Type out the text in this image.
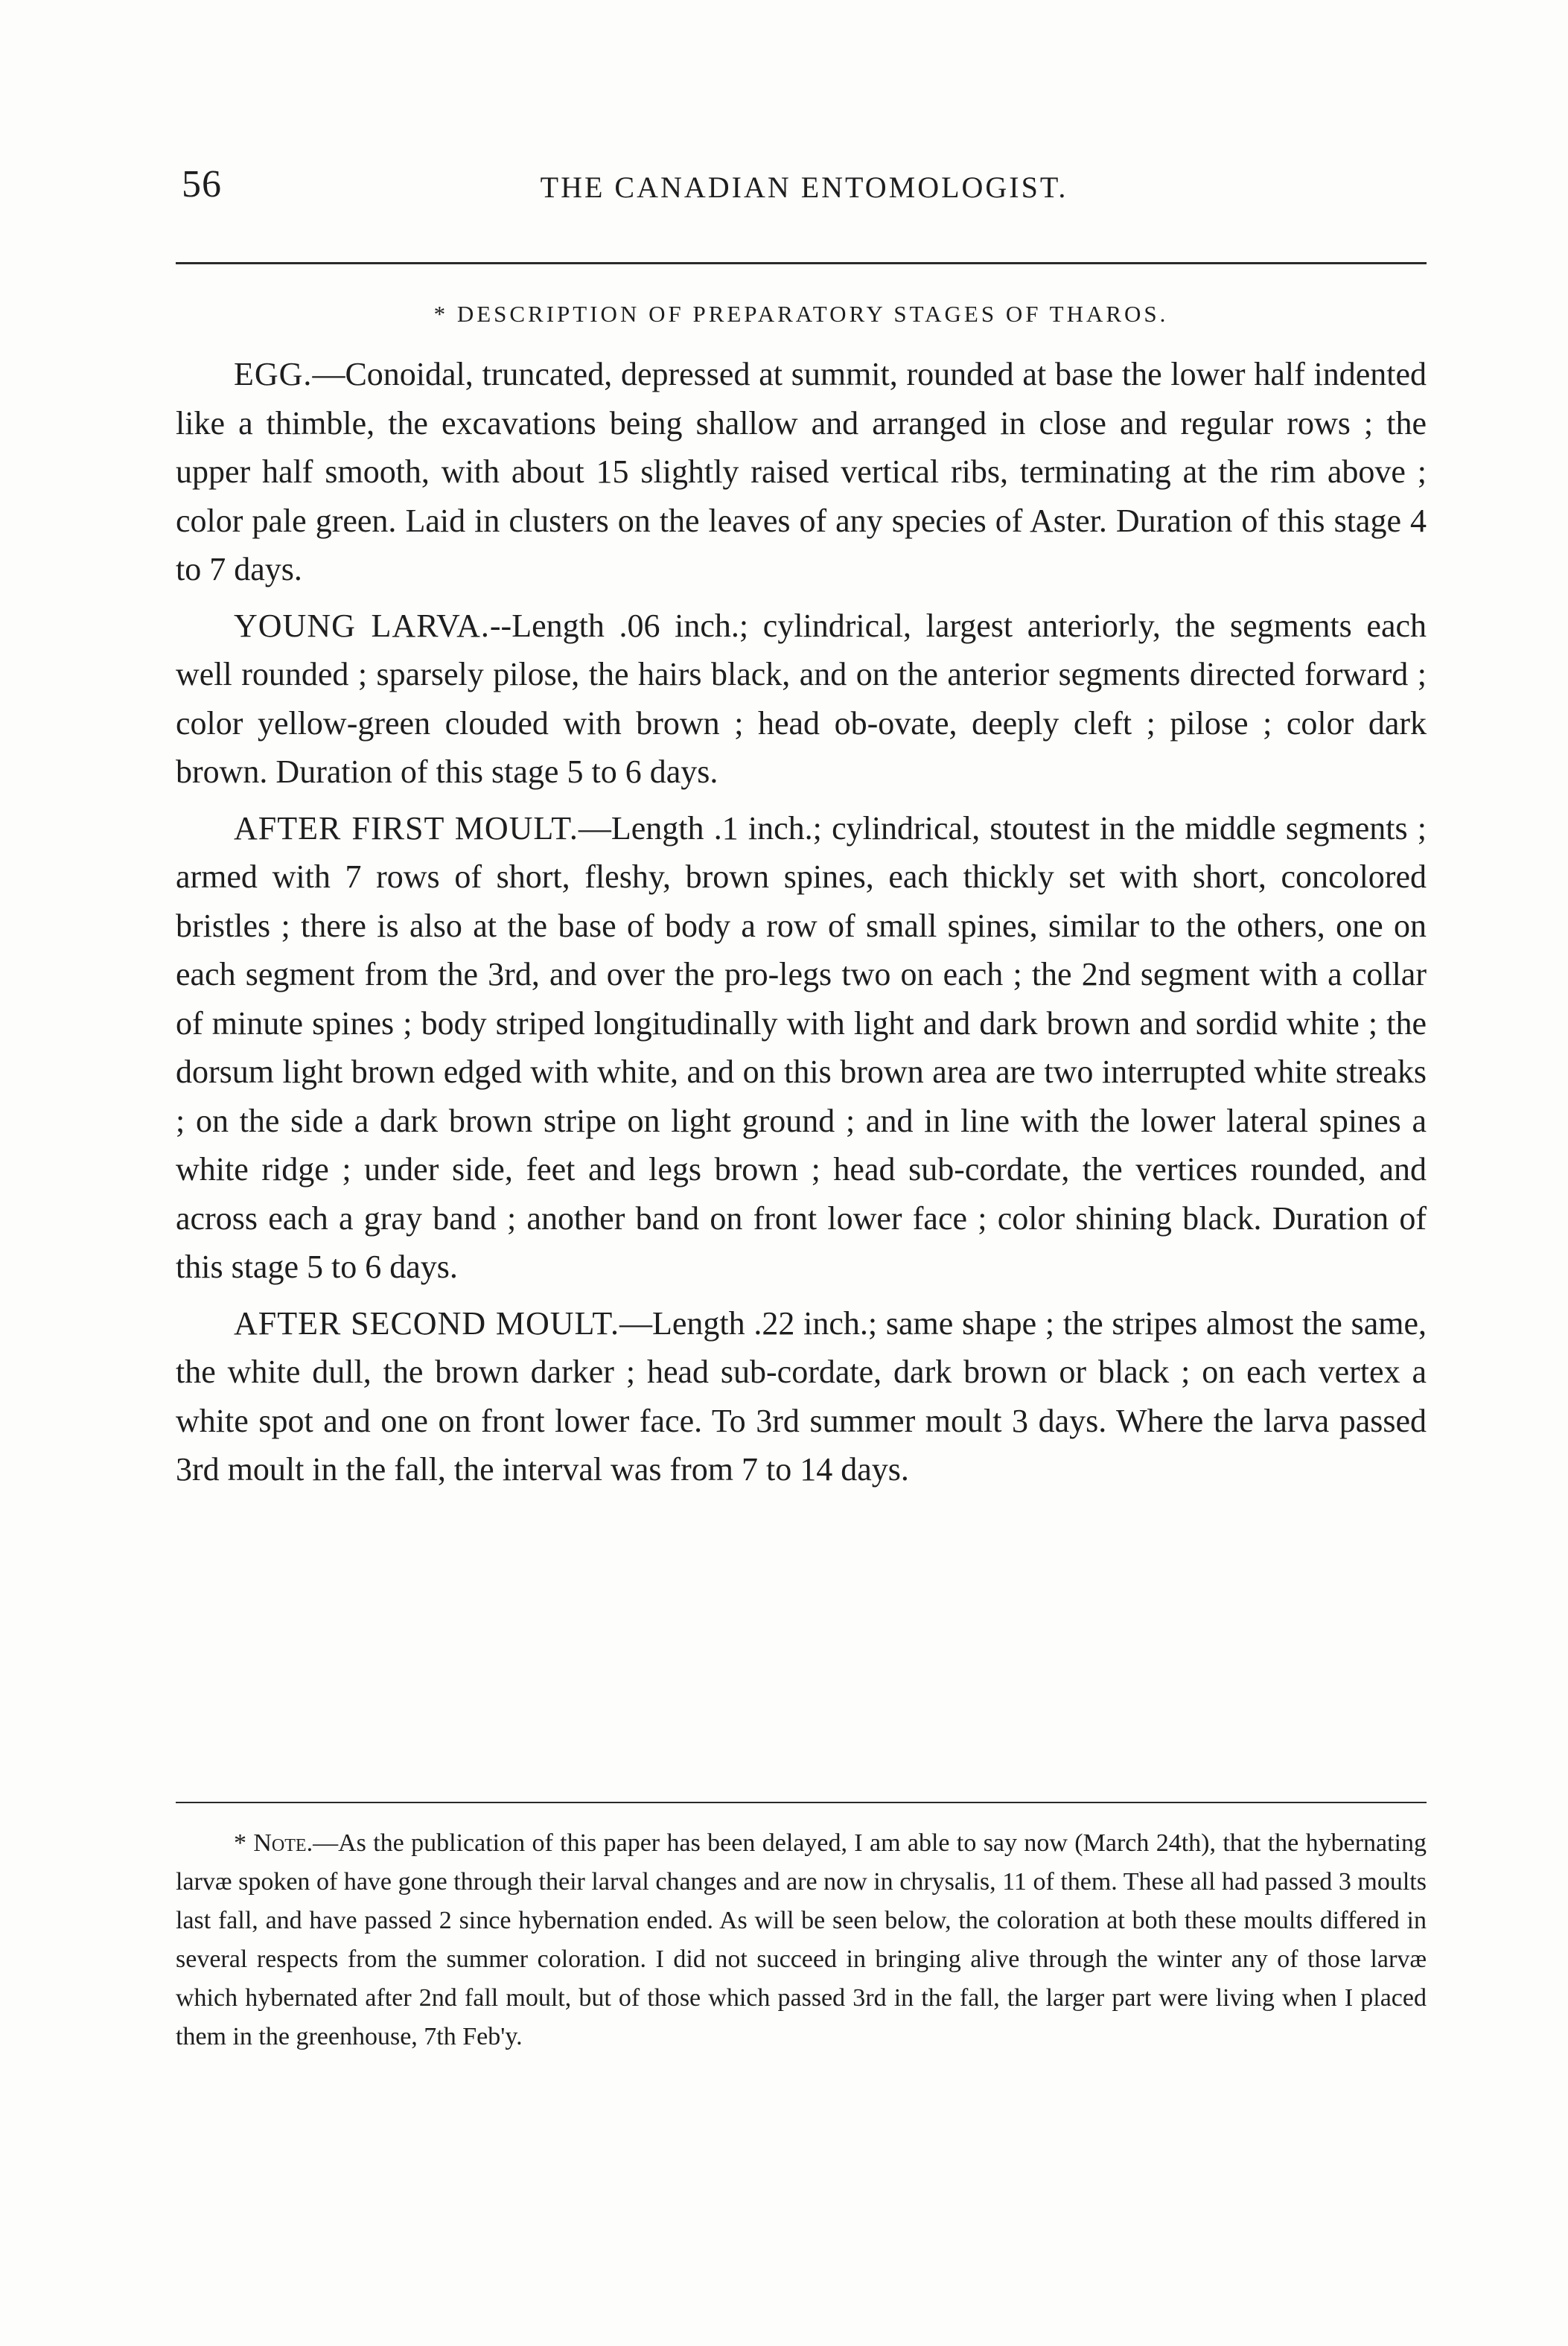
56	THE CANADIAN ENTOMOLOGIST.
* DESCRIPTION OF PREPARATORY STAGES OF THAROS.

EGG.—Conoidal, truncated, depressed at summit, rounded at base the lower half indented like a thimble, the excavations being shallow and arranged in close and regular rows ; the upper half smooth, with about 15 slightly raised vertical ribs, terminating at the rim above ; color pale green. Laid in clusters on the leaves of any species of Aster. Duration of this stage 4 to 7 days.

YOUNG LARVA.--Length .06 inch.; cylindrical, largest anteriorly, the segments each well rounded ; sparsely pilose, the hairs black, and on the anterior segments directed forward ; color yellow-green clouded with brown ; head ob-ovate, deeply cleft ; pilose ; color dark brown. Duration of this stage 5 to 6 days.

AFTER FIRST MOULT.—Length .1 inch.; cylindrical, stoutest in the middle segments ; armed with 7 rows of short, fleshy, brown spines, each thickly set with short, concolored bristles ; there is also at the base of body a row of small spines, similar to the others, one on each segment from the 3rd, and over the pro-legs two on each ; the 2nd segment with a collar of minute spines ; body striped longitudinally with light and dark brown and sordid white ; the dorsum light brown edged with white, and on this brown area are two interrupted white streaks ; on the side a dark brown stripe on light ground ; and in line with the lower lateral spines a white ridge ; under side, feet and legs brown ; head sub-cordate, the vertices rounded, and across each a gray band ; another band on front lower face ; color shining black. Duration of this stage 5 to 6 days.

AFTER SECOND MOULT.—Length .22 inch.; same shape ; the stripes almost the same, the white dull, the brown darker ; head sub-cordate, dark brown or black ; on each vertex a white spot and one on front lower face. To 3rd summer moult 3 days. Where the larva passed 3rd moult in the fall, the interval was from 7 to 14 days.

* Note.—As the publication of this paper has been delayed, I am able to say now (March 24th), that the hybernating larvæ spoken of have gone through their larval changes and are now in chrysalis, 11 of them. These all had passed 3 moults last fall, and have passed 2 since hybernation ended. As will be seen below, the coloration at both these moults differed in several respects from the summer coloration. I did not succeed in bringing alive through the winter any of those larvæ which hybernated after 2nd fall moult, but of those which passed 3rd in the fall, the larger part were living when I placed them in the greenhouse, 7th Feb'y.
